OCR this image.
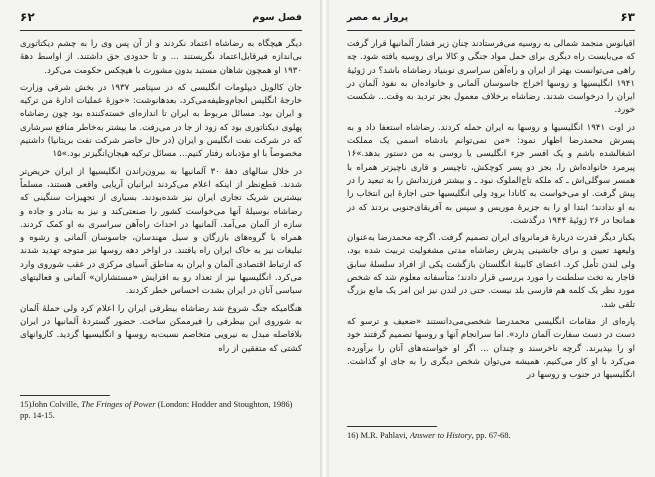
۶۲	فصل سوم

دیگر هیچگاه به رضاشاه اعتماد نکردند و از آن پس وی را به چشم دیکتاتوری بی‌اندازه فیرقابل‌اعتماد نگریستند ... و تا حدودی حق داشتند. از اواسط دههٔ ۱۹۳۰ او همچون شاهان مستبد بدون مشورت با هیچکس حکومت می‌کرد.

جان کالویل دیپلومات انگلیسی که در سپتامبر ۱۹۳۷ در بخش شرقی وزارت خارجهٔ انگلیس انجام‌وظیفه‌می‌کرد، بعدهانوشت: «حوزهٔ عملیات ادارهٔ من ترکیه و ایران بود. مسائل مربوط به ایران تا اندازه‌ای خسته‌کننده بود چون رضاشاه پهلوی دیکتاتوری بود که زود از جا در می‌رفت. ما بیشتر به‌خاطر منافع سرشاری که در شرکت نفت انگلیس و ایران (در حال حاضر شرکت نفت بریتانیا) داشتیم مخصوصاً با او مؤدبانه رفتار کنیم... مسائل ترکیه هیجان‌انگیزتر بود.»۱۵

در خلال سالهای دههٔ ۳۰ آلمانیها به بیرون‌راندن انگلیسیها از ایران حریص‌تر شدند. قطع‌نظر از اینکه اعلام می‌کردند ایرانیان آریایی واقعی هستند، مسلماً بیشترین شریک تجاری ایران نیز شده‌بودند. بسیاری از تجهیزات سنگینی که رضاشاه بوسیلهٔ آنها می‌خواست کشور را صنعتی‌کند و نیز به بنادر و جاده و سازه از آلمان می‌آمد. آلمانیها در احداث راه‌آهن سراسری به او کمک کردند. همراه با گروه‌های بازرگان و سیل مهندسان، جاسوسان آلمانی و رشوه و تبلیغات نیز به خاک ایران راه یافتند. در اواخر دهه روسها نیز متوجه تهدید شدند که ارتباط اقتصادی آلمان و ایران به مناطق آسیای مرکزی در عقب شوروی وارد می‌کرد. انگلیسیها نیز از تعداد رو به افزایش «مستشاران» آلمانی و فعالیتهای سیاسی آنان در ایران بشدت احساس خطر کردند.

هنگامیکه جنگ شروع شد رضاشاه بیطرفی ایران را اعلام کرد ولی حملهٔ آلمان به شوروی این بیطرفی را فیرممکن ساخت. حضور گستردهٔ آلمانیها در ایران بلافاصله مبدل به نیرویی متخاصم نسبت‌به روسها و انگلیسیها گردید. کاروانهای کشتی که متفقین از راه

15)John Colville, The Fringes of Power (London: Hodder and Stoughton, 1986) pp. 14-15.
پرواز به مصر	۶۳

اقیانوس منجمد شمالی به روسیه می‌فرستادند چنان زیر فشار آلمانیها قرار گرفت که می‌بایست راه دیگری برای حمل مواد جنگی و کالا برای روسیه یافته شود. چه راهی می‌توانست بهتر از ایران و راه‌آهن سراسری نوبنیاد رضاشاه باشد؟ در ژوئیهٔ ۱۹۴۱ انگلیسیها و روسها اخراج جاسوسان آلمانی و خانواده‌ان به نفوذ آلمان در ایران را درخواست شدند. رضاشاه برخلاف معمول بجز تردید به وقت... شکست خورد.

در اوت ۱۹۴۱ انگلیسیها و روسها به ایران حمله کردند. رضاشاه استعفا داد و به پسرش محمدرضا اظهار نمود: «من نمی‌توانم بادشاه اسمی یک مملکت اشغالشده باشم و یک افسر جزء انگلیسی یا روسی به من دستور بدهد.»۱۶ پیرمرد خانواده‌اش را، بجز دو پسر کوچکش، تاچیسر و قاری ناچیزتر همراه با همسر سوگلی‌اش ـ که ملکه تاج‌الملوک نبود ـ و بیشتر فرزندانش را به تبعید را در پیش گرفت. او می‌خواست به کانادا برود ولی انگلیسیها حتی اجازهٔ این انتخاب را به او ندادند؛ ابتدا او را به جزیرهٔ موریس و سپس به آفریقای‌جنوبی بردند که در همانجا در ۲۶ ژوئیهٔ ۱۹۴۴ درگذشت.

یکبار دیگر قدرت دربارهٔ فرمانروای ایران تصمیم گرفت. اگرچه محمدرضا به‌عنوان ولیعهد تعیین و برای جانشینی پدرش رضاشاه مدتی مشغولیت تربیت شده بود، ولی لندن تأمل کرد. اعضای کابینهٔ انگلستان بازگشت یکی از افراد سلسلهٔ سابق قاجار به تخت سلطنت را مورد بررسی قرار دادند؛ متأسفانه معلوم شد که شخص مورد نظر یک کلمه هم فارسی بلد نیست. حتی در لندن نیز این امر یک مانع بزرگ تلقی شد.

پاره‌ای از مقامات انگلیسی محمدرضا شخصی‌می‌دانستند «ضعیف و ترسو که دست در دست سفارت آلمان دارد». اما سرانجام آنها و روسها تصمیم گرفتند خود او را بپذیرند. گرچه ناخرسند و چندان ... اگر او خواسته‌های آنان را برآورده می‌کرد با او کار می‌کنیم. همیشه می‌توان شخص دیگری را به جای او گذاشت. انگلیسیها در جنوب و روسها در

16) M.R. Pahlavi, Answer to History, pp. 67-68.
